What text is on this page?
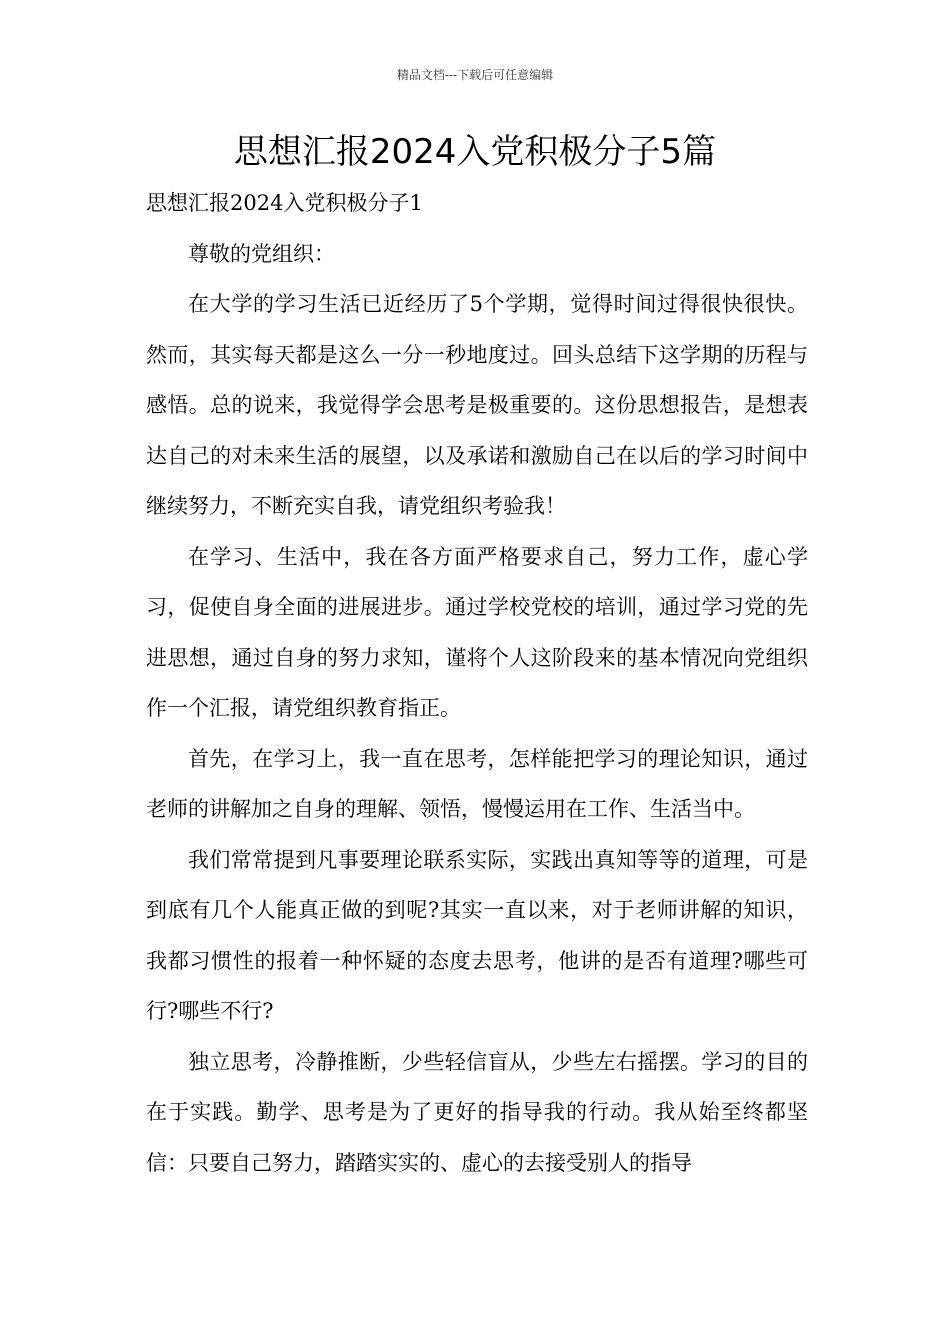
精品文档---下载后可任意编辑
思想汇报2024入党积极分子5篇

思想汇报2024入党积极分子1

尊敬的党组织：

在大学的学习生活已近经历了5个学期，觉得时间过得很快很快。然而，其实每天都是这么一分一秒地度过。回头总结下这学期的历程与感悟。总的说来，我觉得学会思考是极重要的。这份思想报告，是想表达自己的对未来生活的展望，以及承诺和激励自己在以后的学习时间中继续努力，不断充实自我，请党组织考验我！

在学习、生活中，我在各方面严格要求自己，努力工作，虚心学习，促使自身全面的进展进步。通过学校党校的培训，通过学习党的先进思想，通过自身的努力求知，谨将个人这阶段来的基本情况向党组织作一个汇报，请党组织教育指正。

首先，在学习上，我一直在思考，怎样能把学习的理论知识，通过老师的讲解加之自身的理解、领悟，慢慢运用在工作、生活当中。

我们常常提到凡事要理论联系实际，实践出真知等等的道理，可是到底有几个人能真正做的到呢?其实一直以来，对于老师讲解的知识，我都习惯性的报着一种怀疑的态度去思考，他讲的是否有道理?哪些可行?哪些不行?

独立思考，冷静推断，少些轻信盲从，少些左右摇摆。学习的目的在于实践。勤学、思考是为了更好的指导我的行动。我从始至终都坚信：只要自己努力，踏踏实实的、虚心的去接受别人的指导
